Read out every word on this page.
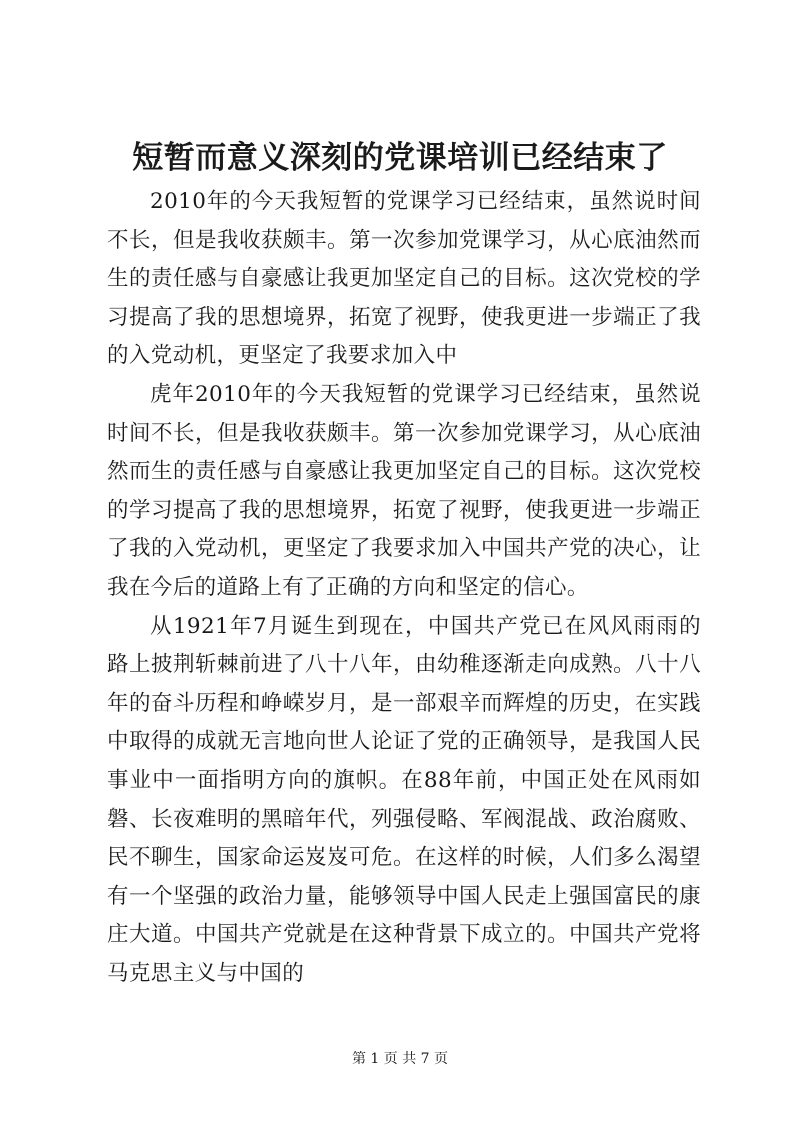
短暂而意义深刻的党课培训已经结束了

2010年的今天我短暂的党课学习已经结束，虽然说时间不长，但是我收获颇丰。第一次参加党课学习，从心底油然而生的责任感与自豪感让我更加坚定自己的目标。这次党校的学习提高了我的思想境界，拓宽了视野，使我更进一步端正了我的入党动机，更坚定了我要求加入中

虎年2010年的今天我短暂的党课学习已经结束，虽然说时间不长，但是我收获颇丰。第一次参加党课学习，从心底油然而生的责任感与自豪感让我更加坚定自己的目标。这次党校的学习提高了我的思想境界，拓宽了视野，使我更进一步端正了我的入党动机，更坚定了我要求加入中国共产党的决心，让我在今后的道路上有了正确的方向和坚定的信心。

从1921年7月诞生到现在，中国共产党已在风风雨雨的路上披荆斩棘前进了八十八年，由幼稚逐渐走向成熟。八十八年的奋斗历程和峥嵘岁月，是一部艰辛而辉煌的历史，在实践中取得的成就无言地向世人论证了党的正确领导，是我国人民事业中一面指明方向的旗帜。在88年前，中国正处在风雨如磐、长夜难明的黑暗年代，列强侵略、军阀混战、政治腐败、民不聊生，国家命运岌岌可危。在这样的时候，人们多么渴望有一个坚强的政治力量，能够领导中国人民走上强国富民的康庄大道。中国共产党就是在这种背景下成立的。中国共产党将马克思主义与中国的

第 1 页 共 7 页
